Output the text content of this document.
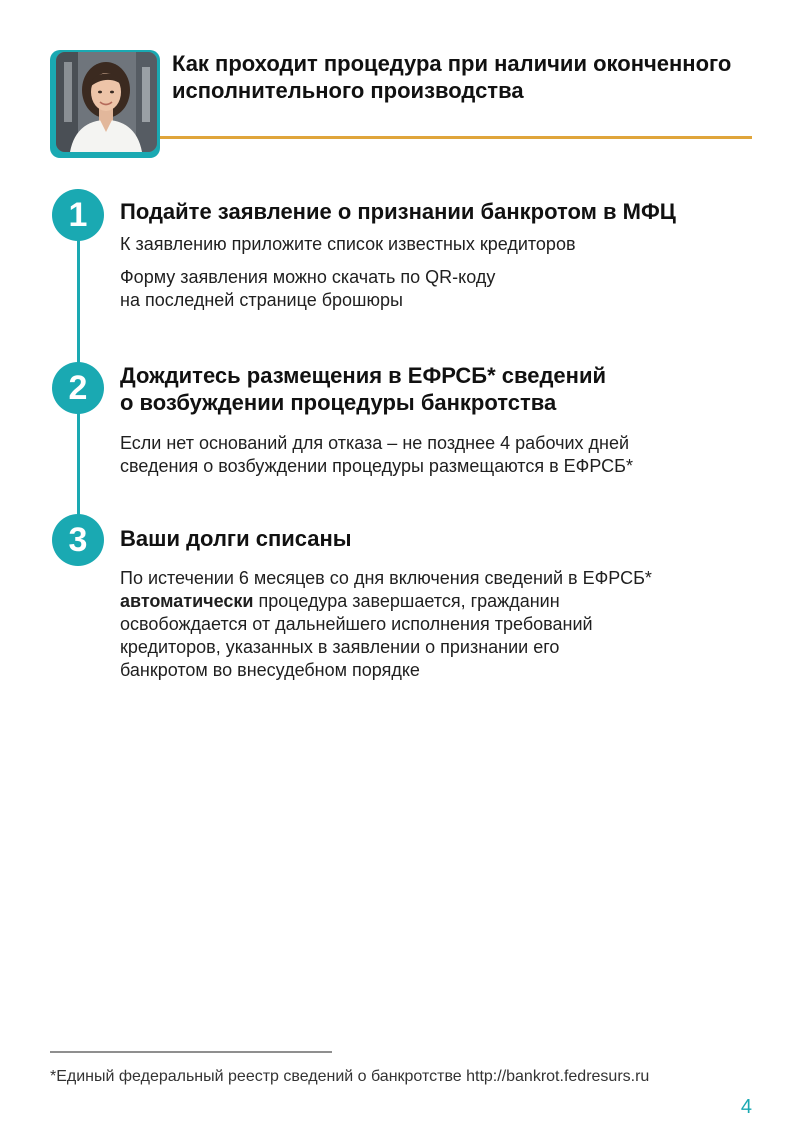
Как проходит процедура при наличии оконченного исполнительного производства
1	Подайте заявление о признании банкротом в МФЦ

К заявлению приложите список известных кредиторов

Форму заявления можно скачать по QR-коду

на последней странице брошюры

2	Дождитесь размещения в ЕФРСБ* сведений
о возбуждении процедуры банкротства

Если нет оснований для отказа – не позднее 4 рабочих дней

сведения о возбуждении процедуры размещаются в ЕФРСБ*

3	Ваши долги списаны

По истечении 6 месяцев со дня включения сведений в ЕФРСБ*

автоматически процедура завершается, гражданин

освобождается от дальнейшего исполнения требований

кредиторов, указанных в заявлении о признании его

банкротом во внесудебном порядке

*Единый федеральный реестр сведений о банкротстве http://bankrot.fedresurs.ru
4
